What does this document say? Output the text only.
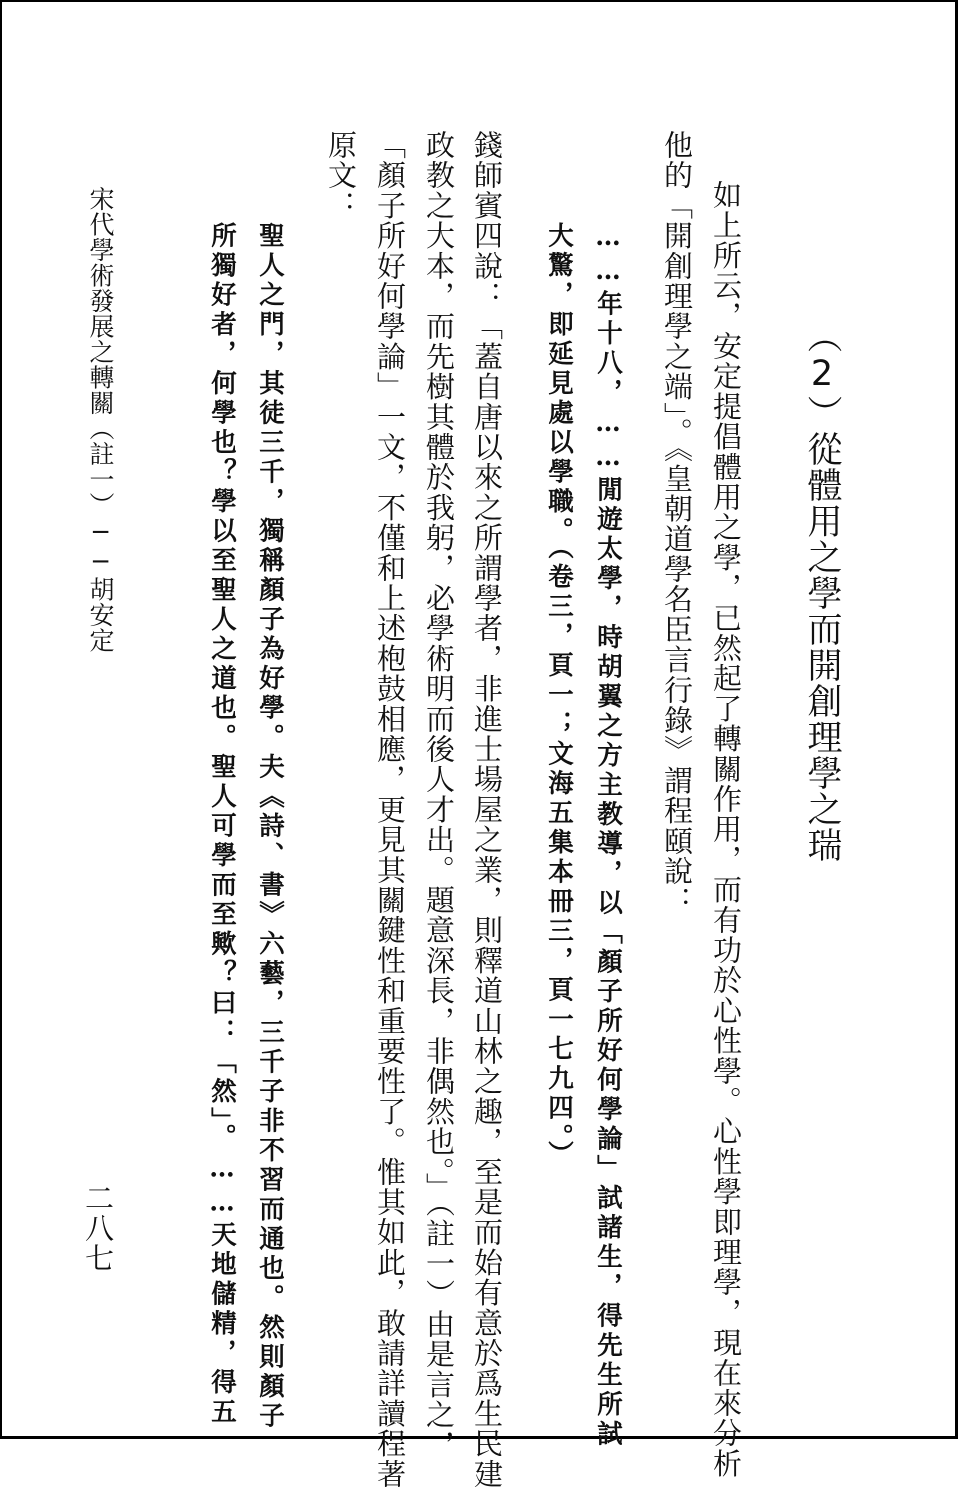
（2）從體用之學而開創理學之瑞
如上所云，安定提倡體用之學，已然起了轉關作用，而有功於心性學。心性學即理學，現在來分析
他的「開創理學之端」。《皇朝道學名臣言行錄》謂程頤說：
……年十八，……閒遊太學，時胡翼之方主教導，以「顏子所好何學論」試諸生，得先生所試
大驚，即延見處以學職。（卷三，頁一；文海五集本冊三，頁一七九四。）
錢師賓四說：「蓋自唐以來之所謂學者，非進士場屋之業，則釋道山林之趣，至是而始有意於爲生民建
政教之大本，而先樹其體於我躬，必學術明而後人才出。題意深長，非偶然也。」（註一）由是言之，
「顏子所好何學論」一文，不僅和上述枹鼓相應，更見其關鍵性和重要性了。惟其如此，敢請詳讀程著
原文：
聖人之門，其徒三千，獨稱顏子為好學。夫《詩、書》六藝，三千子非不習而通也。然則顏子
所獨好者，何學也？學以至聖人之道也。聖人可學而至歟？曰：「然」。……天地儲精，得五
宋代學術發展之轉關（註一）──胡安定
二八七
